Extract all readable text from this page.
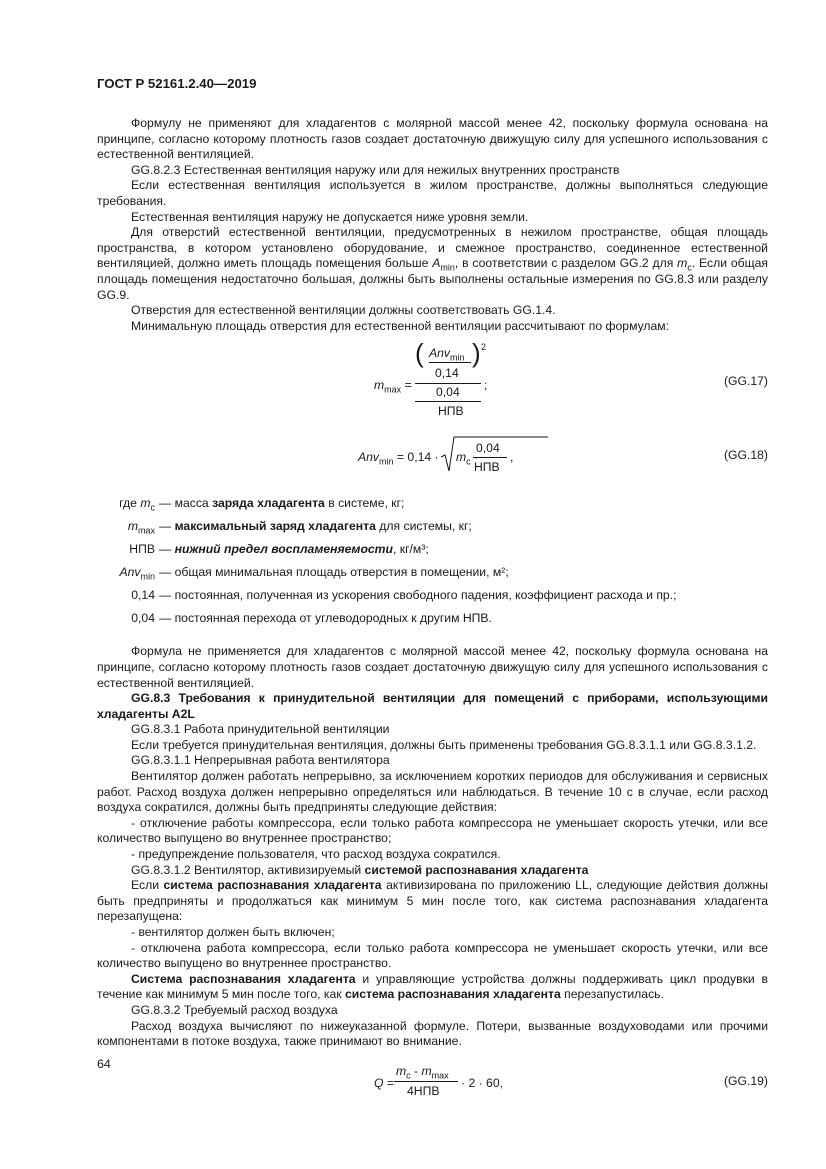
ГОСТ Р 52161.2.40—2019

Формулу не применяют для хладагентов с молярной массой менее 42, поскольку формула основана на принципе, согласно которому плотность газов создает достаточную движущую силу для успешного использования с естественной вентиляцией.

GG.8.2.3 Естественная вентиляция наружу или для нежилых внутренних пространств

Если естественная вентиляция используется в жилом пространстве, должны выполняться следующие требования.

Естественная вентиляция наружу не допускается ниже уровня земли.

Для отверстий естественной вентиляции, предусмотренных в нежилом пространстве, общая площадь пространства, в котором установлено оборудование, и смежное пространство, соединенное естественной вентиляцией, должно иметь площадь помещения больше $A_{min}$, в соответствии с разделом GG.2 для $m_c$. Если общая площадь помещения недостаточно большая, должны быть выполнены остальные измерения по GG.8.3 или разделу GG.9.

Отверстия для естественной вентиляции должны соответствовать GG.1.4.

Минимальную площадь отверстия для естественной вентиляции рассчитывают по формулам:

$m_{max}$ =
( Anv$_{min}$
0,14
) 2
0,04
НПВ
;	(GG.17)
$Anv_{min} = 0,14 \cdot m_c$ ·
0,04
НПВ
,	(GG.18)
где $m_c$ — масса заряда хладагента в системе, кг;
$m_{max}$ — максимальный заряд хладагента для системы, кг;
НПВ — нижний предел воспламеняемости, кг/м³;
Anv$_{min}$ — общая минимальная площадь отверстия в помещении, м²;
0,14 — постоянная, полученная из ускорения свободного падения, коэффициент расхода и пр.;
0,04 — постоянная перехода от углеводородных к другим НПВ.

Формула не применяется для хладагентов с молярной массой менее 42, поскольку формула основана на принципе, согласно которому плотность газов создает достаточную движущую силу для успешного использования с естественной вентиляцией.

GG.8.3 Требования к принудительной вентиляции для помещений с приборами, использующими хладагенты A2L

GG.8.3.1 Работа принудительной вентиляции

Если требуется принудительная вентиляция, должны быть применены требования GG.8.3.1.1 или GG.8.3.1.2.

GG.8.3.1.1 Непрерывная работа вентилятора

Вентилятор должен работать непрерывно, за исключением коротких периодов для обслуживания и сервисных работ. Расход воздуха должен непрерывно определяться или наблюдаться. В течение 10 с в случае, если расход воздуха сократился, должны быть предприняты следующие действия:

- отключение работы компрессора, если только работа компрессора не уменьшает скорость утечки, или все количество выпущено во внутреннее пространство;

- предупреждение пользователя, что расход воздуха сократился.

GG.8.3.1.2 Вентилятор, активизируемый системой распознавания хладагента

Если система распознавания хладагента активизирована по приложению LL, следующие действия должны быть предприняты и продолжаться как минимум 5 мин после того, как система распознавания хладагента перезапущена:

- вентилятор должен быть включен;

- отключена работа компрессора, если только работа компрессора не уменьшает скорость утечки, или все количество выпущено во внутреннее пространство.

Система распознавания хладагента и управляющие устройства должны поддерживать цикл продувки в течение как минимум 5 мин после того, как система распознавания хладагента перезапустилась.

GG.8.3.2 Требуемый расход воздуха

Расход воздуха вычисляют по нижеуказанной формуле. Потери, вызванные воздуховодами или прочими компонентами в потоке воздуха, также принимают во внимание.

Q =
$m_c - m_{max}$
4НПВ
· 2 · 60,	(GG.19)
64
